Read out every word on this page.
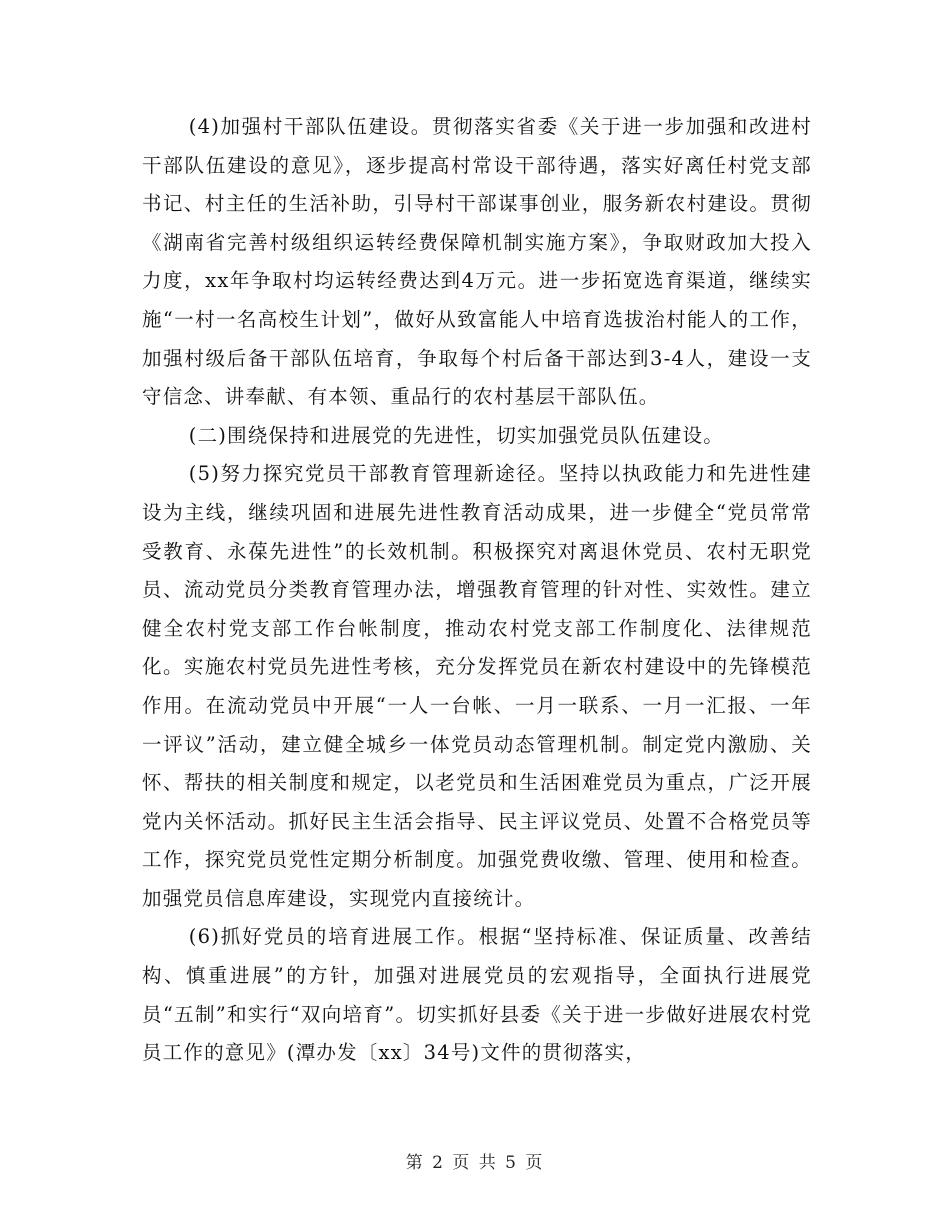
(4)加强村干部队伍建设。贯彻落实省委《关于进一步加强和改进村干部队伍建设的意见》，逐步提高村常设干部待遇，落实好离任村党支部书记、村主任的生活补助，引导村干部谋事创业，服务新农村建设。贯彻《湖南省完善村级组织运转经费保障机制实施方案》，争取财政加大投入力度，xx年争取村均运转经费达到4万元。进一步拓宽选育渠道，继续实施“一村一名高校生计划”，做好从致富能人中培育选拔治村能人的工作，加强村级后备干部队伍培育，争取每个村后备干部达到3-4人，建设一支守信念、讲奉献、有本领、重品行的农村基层干部队伍。

(二)围绕保持和进展党的先进性，切实加强党员队伍建设。

(5)努力探究党员干部教育管理新途径。坚持以执政能力和先进性建设为主线，继续巩固和进展先进性教育活动成果，进一步健全“党员常常受教育、永葆先进性”的长效机制。积极探究对离退休党员、农村无职党员、流动党员分类教育管理办法，增强教育管理的针对性、实效性。建立健全农村党支部工作台帐制度，推动农村党支部工作制度化、法律规范化。实施农村党员先进性考核，充分发挥党员在新农村建设中的先锋模范作用。在流动党员中开展“一人一台帐、一月一联系、一月一汇报、一年一评议”活动，建立健全城乡一体党员动态管理机制。制定党内激励、关怀、帮扶的相关制度和规定，以老党员和生活困难党员为重点，广泛开展党内关怀活动。抓好民主生活会指导、民主评议党员、处置不合格党员等工作，探究党员党性定期分析制度。加强党费收缴、管理、使用和检查。加强党员信息库建设，实现党内直接统计。

(6)抓好党员的培育进展工作。根据“坚持标准、保证质量、改善结构、慎重进展”的方针，加强对进展党员的宏观指导，全面执行进展党员“五制”和实行“双向培育”。切实抓好县委《关于进一步做好进展农村党员工作的意见》(潭办发〔xx〕34号)文件的贯彻落实，

第 2 页 共 5 页
